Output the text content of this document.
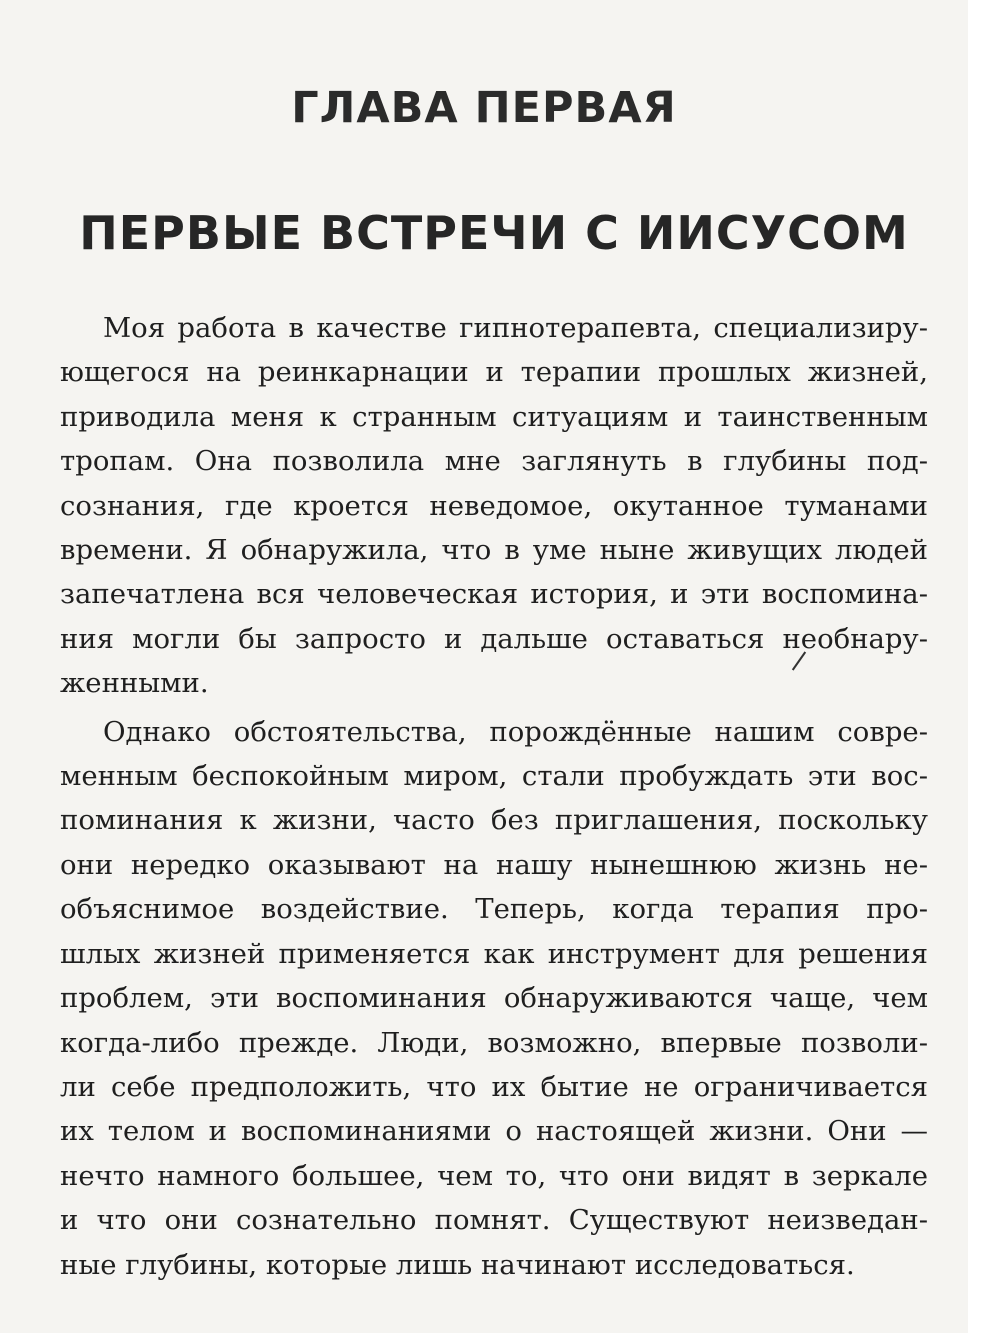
ГЛАВА ПЕРВАЯ
ПЕРВЫЕ ВСТРЕЧИ С ИИСУСОМ

Моя работа в качестве гипнотерапевта, специализиру-
ющегося на реинкарнации и терапии прошлых жизней,
приводила меня к странным ситуациям и таинственным
тропам. Она позволила мне заглянуть в глубины под-
сознания, где кроется неведомое, окутанное туманами
времени. Я обнаружила, что в уме ныне живущих людей
запечатлена вся человеческая история, и эти воспомина-
ния могли бы запросто и дальше оставаться необнару-
женными.

Однако обстоятельства, порождённые нашим совре-
менным беспокойным миром, стали пробуждать эти вос-
поминания к жизни, часто без приглашения, поскольку
они нередко оказывают на нашу нынешнюю жизнь не-
объяснимое воздействие. Теперь, когда терапия про-
шлых жизней применяется как инструмент для решения
проблем, эти воспоминания обнаруживаются чаще, чем
когда-либо прежде. Люди, возможно, впервые позволи-
ли себе предположить, что их бытие не ограничивается
их телом и воспоминаниями о настоящей жизни. Они —
нечто намного большее, чем то, что они видят в зеркале
и что они сознательно помнят. Существуют неизведан-
ные глубины, которые лишь начинают исследоваться.
